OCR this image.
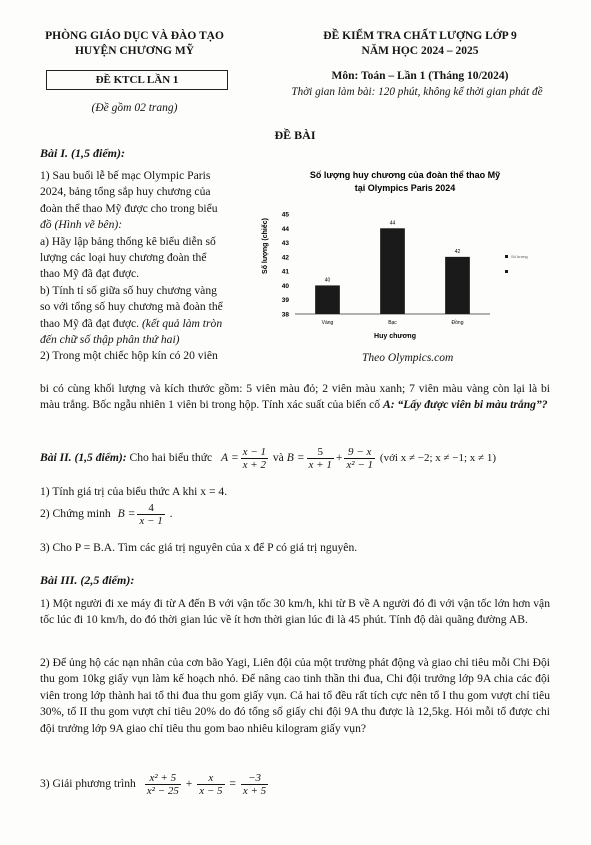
PHÒNG GIÁO DỤC VÀ ĐÀO TẠO
HUYỆN CHƯƠNG MỸ
ĐỀ KIỂM TRA CHẤT LƯỢNG LỚP 9
NĂM HỌC 2024 – 2025
ĐỀ KTCL LẦN 1	Môn: Toán – Lần 1 (Tháng 10/2024)
(Đề gồm 02 trang)
Thời gian làm bài: 120 phút, không kể thời gian phát đề
ĐỀ BÀI
Bài I. (1,5 điểm):
1) Sau buổi lễ bế mạc Olympic Paris
2024, bảng tổng sắp huy chương của
đoàn thể thao Mỹ được cho trong biểu
đồ (Hình vẽ bên):
a) Hãy lập bảng thống kê biểu diễn số
lượng các loại huy chương đoàn thể
thao Mỹ đã đạt được.
b) Tính tỉ số giữa số huy chương vàng
so với tổng số huy chương mà đoàn thể
thao Mỹ đã đạt được. (kết quả làm tròn
đến chữ số thập phân thứ hai)
2) Trong một chiếc hộp kín có 20 viên
Số lượng huy chương của đoàn thể thao Mỹ
tại Olympics Paris 2024
Số lượng (chiếc)
38
39
40
41
42
43
44
45
40
44
42
Vàng	Bạc	Đồng
Huy chương
Số lượng
Theo Olympics.com
bi có cùng khối lượng và kích thước gồm: 5 viên màu đỏ; 2 viên màu xanh; 7 viên màu vàng còn lại là bi màu trắng. Bốc ngẫu nhiên 1 viên bi trong hộp. Tính xác suất của biến cố A: “Lấy được viên bi màu trắng”?
Bài II. (1,5 điểm): Cho hai biểu thức $A = \frac{x - 1}{x + 2}$ và $B = \frac{5}{x + 1} + \frac{9 - x}{\text{x² − 1}}$ (với x ≠ −2; x ≠ −1; x ≠ 1)
1) Tính giá trị của biểu thức A khi x = 4.
2) Chứng minh $B = \frac{4}{x - 1}$ .
3) Cho P = B.A. Tìm các giá trị nguyên của x để P có giá trị nguyên.
Bài III. (2,5 điểm):
1) Một người đi xe máy đi từ A đến B với vận tốc 30 km/h, khi từ B về A người đó đi với vận tốc lớn hơn vận tốc lúc đi 10 km/h, do đó thời gian lúc về ít hơn thời gian lúc đi là 45 phút. Tính độ dài quãng đường AB.
2) Để ủng hộ các nạn nhân của cơn bão Yagi, Liên đội của một trường phát động và giao chỉ tiêu mỗi Chi Đội thu gom 10kg giấy vụn làm kế hoạch nhỏ. Để nâng cao tinh thần thi đua, Chi đội trưởng lớp 9A chia các đội viên trong lớp thành hai tổ thi đua thu gom giấy vụn. Cả hai tổ đều rất tích cực nên tổ I thu gom vượt chỉ tiêu 30%, tổ II thu gom vượt chỉ tiêu 20% do đó tổng số giấy chi đội 9A thu được là 12,5kg. Hỏi mỗi tổ được chi đội trưởng lớp 9A giao chỉ tiêu thu gom bao nhiêu kilogram giấy vụn?
3) Giải phương trình $\frac{\text{x² + 5}}{\text{x² − 25}} + \frac{x}{x - 5} = \frac{-3}{x + 5}$
